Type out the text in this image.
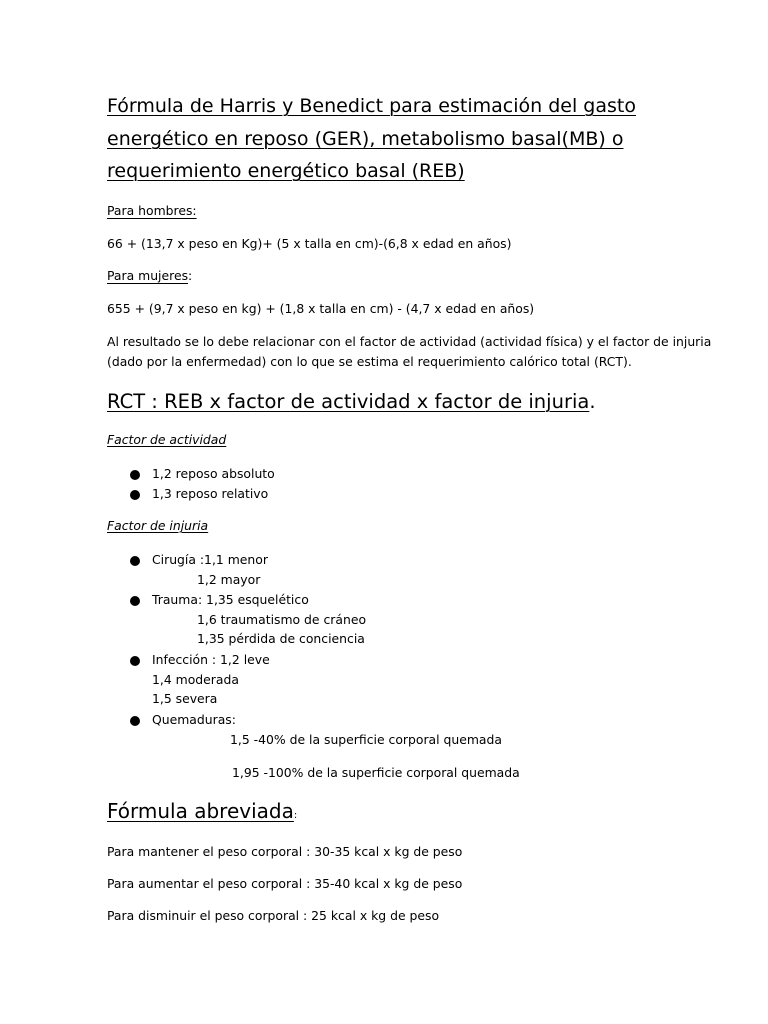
Fórmula de Harris y Benedict para estimación del gasto
energético en reposo (GER), metabolismo basal(MB) o
requerimiento energético basal (REB)
Para hombres:
66 + (13,7 x peso en Kg)+ (5 x talla en cm)-(6,8 x edad en años)
Para mujeres:
655 + (9,7 x peso en kg) + (1,8 x talla en cm) - (4,7 x edad en años)
Al resultado se lo debe relacionar con el factor de actividad (actividad física) y el factor de injuria
(dado por la enfermedad) con lo que se estima el requerimiento calórico total (RCT).
RCT : REB x factor de actividad x factor de injuria.
Factor de actividad
1,2 reposo absoluto
1,3 reposo relativo
Factor de injuria
Cirugía :1,1 menor
1,2 mayor
Trauma: 1,35 esquelético
1,6 traumatismo de cráneo
1,35 pérdida de conciencia
Infección : 1,2 leve
1,4 moderada
1,5 severa
Quemaduras:
1,5 -40% de la superficie corporal quemada
1,95 -100% de la superficie corporal quemada
Fórmula abreviada:
Para mantener el peso corporal : 30-35 kcal x kg de peso
Para aumentar el peso corporal : 35-40 kcal x kg de peso
Para disminuir el peso corporal : 25 kcal x kg de peso
